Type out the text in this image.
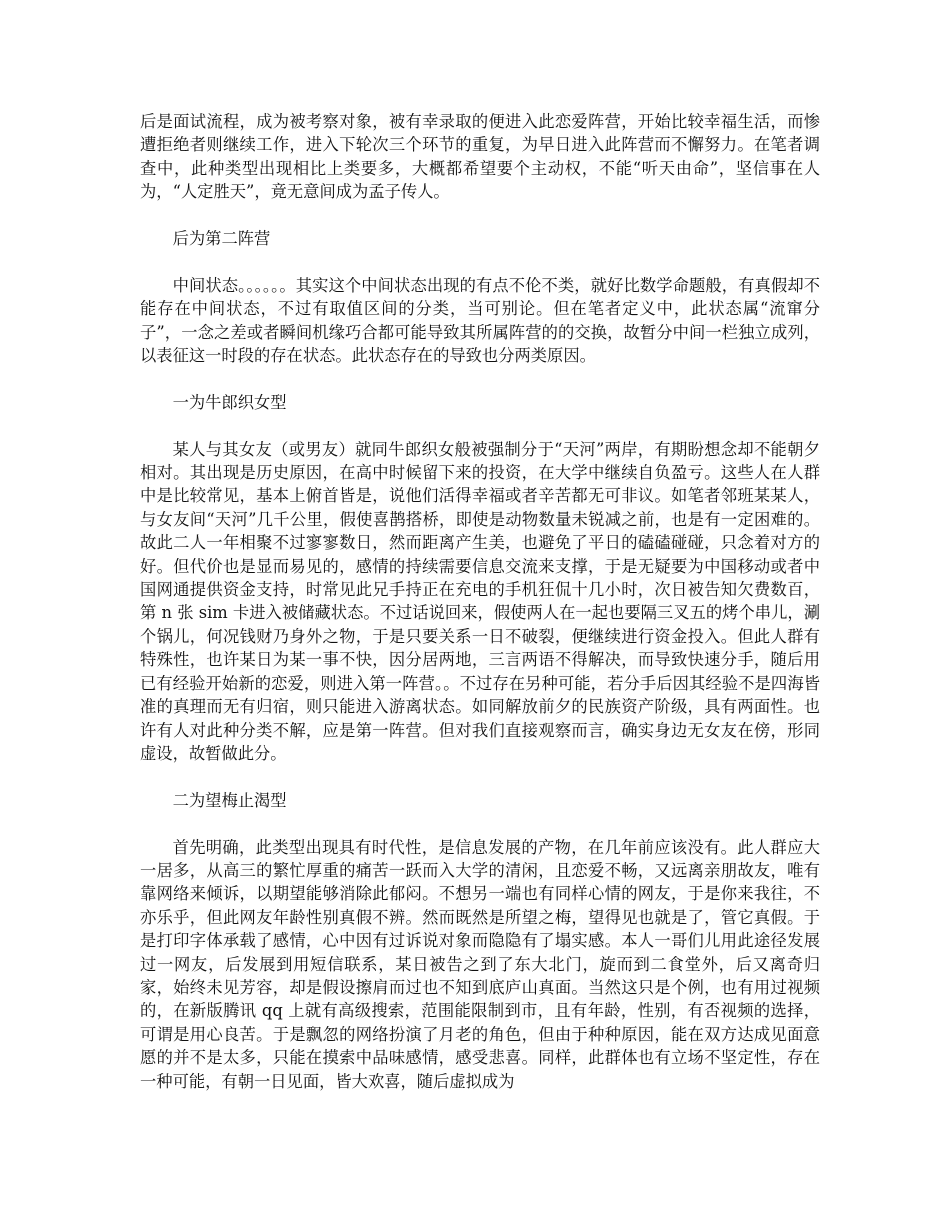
后是面试流程，成为被考察对象，被有幸录取的便进入此恋爱阵营，开始比较幸福生活，而惨遭拒绝者则继续工作，进入下轮次三个环节的重复，为早日进入此阵营而不懈努力。在笔者调查中，此种类型出现相比上类要多，大概都希望要个主动权，不能“听天由命”，坚信事在人为，“人定胜天”，竟无意间成为孟子传人。

后为第二阵营

中间状态。。。。。。其实这个中间状态出现的有点不伦不类，就好比数学命题般，有真假却不能存在中间状态，不过有取值区间的分类，当可别论。但在笔者定义中，此状态属“流窜分子”，一念之差或者瞬间机缘巧合都可能导致其所属阵营的的交换，故暂分中间一栏独立成列，以表征这一时段的存在状态。此状态存在的导致也分两类原因。

一为牛郎织女型

某人与其女友（或男友）就同牛郎织女般被强制分于“天河”两岸，有期盼想念却不能朝夕相对。其出现是历史原因，在高中时候留下来的投资，在大学中继续自负盈亏。这些人在人群中是比较常见，基本上俯首皆是，说他们活得幸福或者辛苦都无可非议。如笔者邻班某某人，与女友间“天河”几千公里，假使喜鹊搭桥，即使是动物数量未锐减之前，也是有一定困难的。故此二人一年相聚不过寥寥数日，然而距离产生美，也避免了平日的磕磕碰碰，只念着对方的好。但代价也是显而易见的，感情的持续需要信息交流来支撑，于是无疑要为中国移动或者中国网通提供资金支持，时常见此兄手持正在充电的手机狂侃十几小时，次日被告知欠费数百，第 n 张 sim 卡进入被储藏状态。不过话说回来，假使两人在一起也要隔三叉五的烤个串儿，涮个锅儿，何况钱财乃身外之物，于是只要关系一日不破裂，便继续进行资金投入。但此人群有特殊性，也许某日为某一事不快，因分居两地，三言两语不得解决，而导致快速分手，随后用已有经验开始新的恋爱，则进入第一阵营。。不过存在另种可能，若分手后因其经验不是四海皆准的真理而无有归宿，则只能进入游离状态。如同解放前夕的民族资产阶级，具有两面性。也许有人对此种分类不解，应是第一阵营。但对我们直接观察而言，确实身边无女友在傍，形同虚设，故暂做此分。

二为望梅止渴型

首先明确，此类型出现具有时代性，是信息发展的产物，在几年前应该没有。此人群应大一居多，从高三的繁忙厚重的痛苦一跃而入大学的清闲，且恋爱不畅，又远离亲朋故友，唯有靠网络来倾诉，以期望能够消除此郁闷。不想另一端也有同样心情的网友，于是你来我往，不亦乐乎，但此网友年龄性别真假不辨。然而既然是所望之梅，望得见也就是了，管它真假。于是打印字体承载了感情，心中因有过诉说对象而隐隐有了塌实感。本人一哥们儿用此途径发展过一网友，后发展到用短信联系，某日被告之到了东大北门，旋而到二食堂外，后又离奇归家，始终未见芳容，却是假设擦肩而过也不知到底庐山真面。当然这只是个例，也有用过视频的，在新版腾讯 qq 上就有高级搜索，范围能限制到市，且有年龄，性别，有否视频的选择，可谓是用心良苦。于是飘忽的网络扮演了月老的角色，但由于种种原因，能在双方达成见面意愿的并不是太多，只能在摸索中品味感情，感受悲喜。同样，此群体也有立场不坚定性，存在一种可能，有朝一日见面，皆大欢喜，随后虚拟成为
